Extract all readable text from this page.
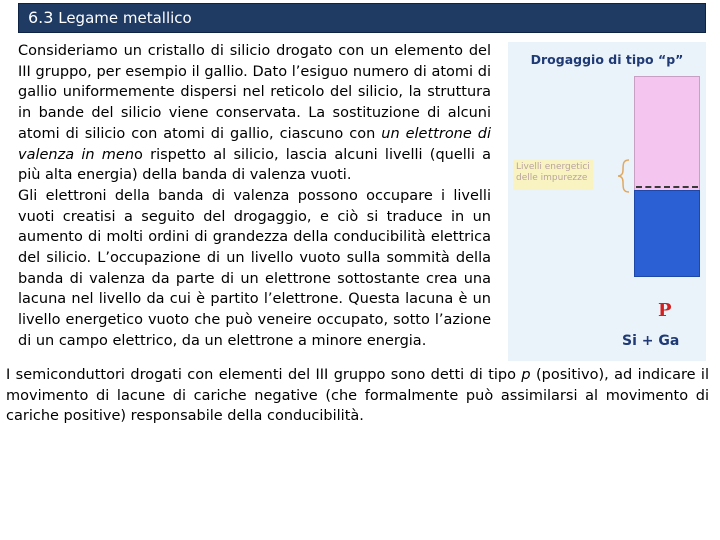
6.3 Legame metallico

Consideriamo un cristallo di silicio drogato con un elemento del III gruppo, per esempio il gallio. Dato l’esiguo numero di atomi di gallio uniformemente dispersi nel reticolo del silicio, la struttura in bande del silicio viene conservata. La sostituzione di alcuni atomi di silicio con atomi di gallio, ciascuno con un elettrone di valenza in meno rispetto al silicio, lascia alcuni livelli (quelli a più alta energia) della banda di valenza vuoti.

Gli elettroni della banda di valenza possono occupare i livelli vuoti creatisi a seguito del drogaggio, e ciò si traduce in un aumento di molti ordini di grandezza della conducibilità elettrica del silicio. L’occupazione di un livello vuoto sulla sommità della banda di valenza da parte di un elettrone sottostante crea una lacuna nel livello da cui è partito l’elettrone. Questa lacuna è un livello energetico vuoto che può veneire occupato, sotto l’azione di un campo elettrico, da un elettrone a minore energia.

Drogaggio di tipo “p”
Livelli energetici delle impurezze
P
Si + Ga
I semiconduttori drogati con elementi del III gruppo sono detti di tipo p (positivo), ad indicare il movimento di lacune di cariche negative (che formalmente può assimilarsi al movimento di cariche positive) responsabile della conducibilità.
